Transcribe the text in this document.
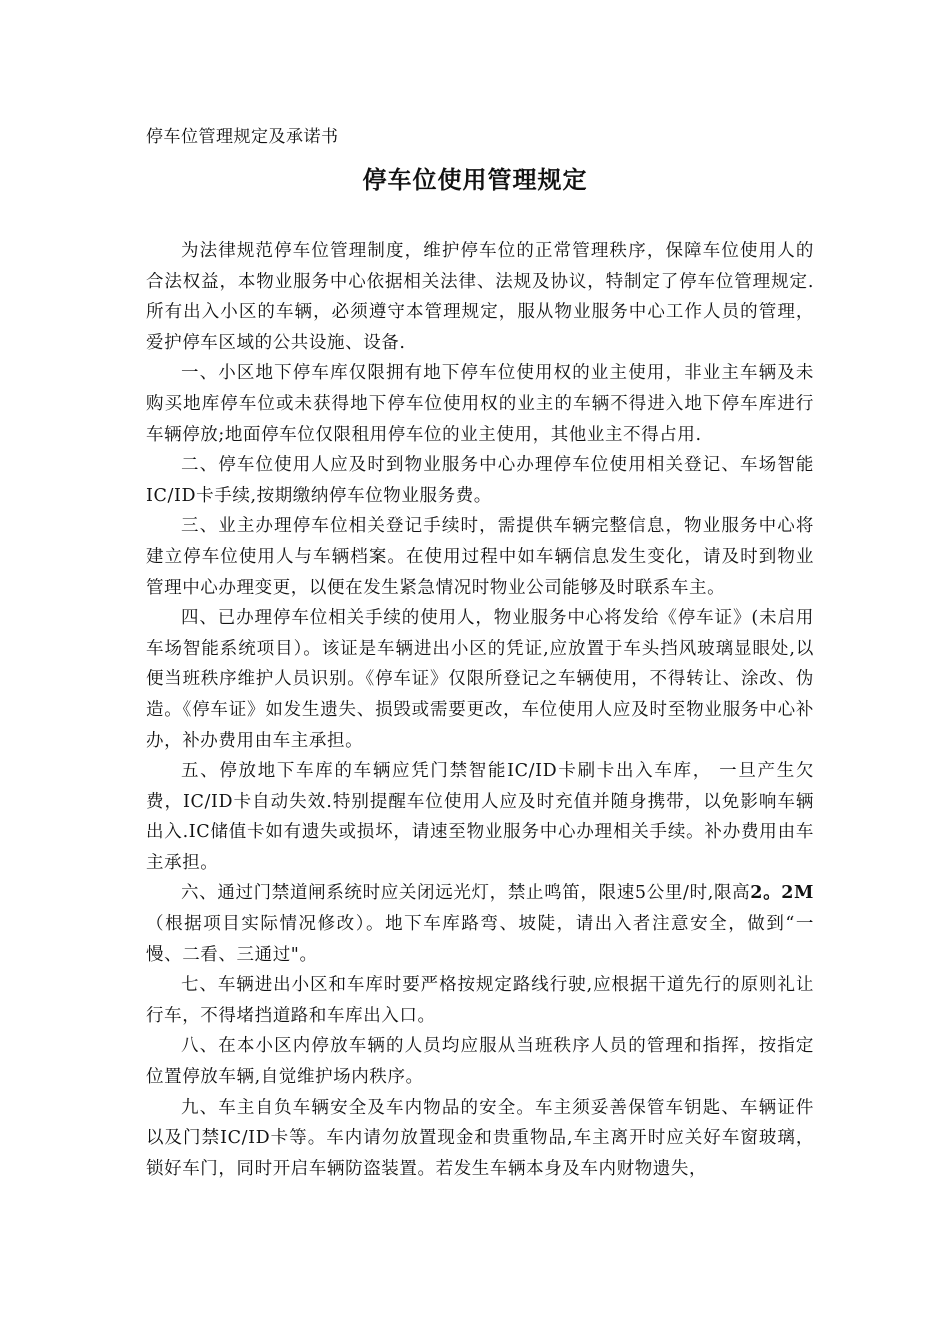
停车位管理规定及承诺书
停车位使用管理规定

为法律规范停车位管理制度，维护停车位的正常管理秩序，保障车位使用人的合法权益，本物业服务中心依据相关法律、法规及协议，特制定了停车位管理规定.所有出入小区的车辆，必须遵守本管理规定，服从物业服务中心工作人员的管理，爱护停车区域的公共设施、设备.

一、小区地下停车库仅限拥有地下停车位使用权的业主使用，非业主车辆及未购买地库停车位或未获得地下停车位使用权的业主的车辆不得进入地下停车库进行车辆停放;地面停车位仅限租用停车位的业主使用，其他业主不得占用.

二、停车位使用人应及时到物业服务中心办理停车位使用相关登记、车场智能IC/ID卡手续,按期缴纳停车位物业服务费。

三、业主办理停车位相关登记手续时，需提供车辆完整信息，物业服务中心将建立停车位使用人与车辆档案。在使用过程中如车辆信息发生变化，请及时到物业管理中心办理变更，以便在发生紧急情况时物业公司能够及时联系车主。

四、已办理停车位相关手续的使用人，物业服务中心将发给《停车证》(未启用车场智能系统项目）。该证是车辆进出小区的凭证,应放置于车头挡风玻璃显眼处,以便当班秩序维护人员识别。《停车证》仅限所登记之车辆使用，不得转让、涂改、伪造。《停车证》如发生遗失、损毁或需要更改，车位使用人应及时至物业服务中心补办，补办费用由车主承担。

五、停放地下车库的车辆应凭门禁智能IC/ID卡刷卡出入车库， 一旦产生欠费，IC/ID卡自动失效.特别提醒车位使用人应及时充值并随身携带，以免影响车辆出入.IC储值卡如有遗失或损坏，请速至物业服务中心办理相关手续。补办费用由车主承担。

六、通过门禁道闸系统时应关闭远光灯，禁止鸣笛，限速5公里/时,限高2。2M（根据项目实际情况修改）。地下车库路弯、坡陡，请出入者注意安全，做到“一慢、二看、三通过"。

七、车辆进出小区和车库时要严格按规定路线行驶,应根据干道先行的原则礼让行车，不得堵挡道路和车库出入口。

八、在本小区内停放车辆的人员均应服从当班秩序人员的管理和指挥，按指定位置停放车辆,自觉维护场内秩序。

九、车主自负车辆安全及车内物品的安全。车主须妥善保管车钥匙、车辆证件以及门禁IC/ID卡等。车内请勿放置现金和贵重物品,车主离开时应关好车窗玻璃，锁好车门，同时开启车辆防盗装置。若发生车辆本身及车内财物遗失，
